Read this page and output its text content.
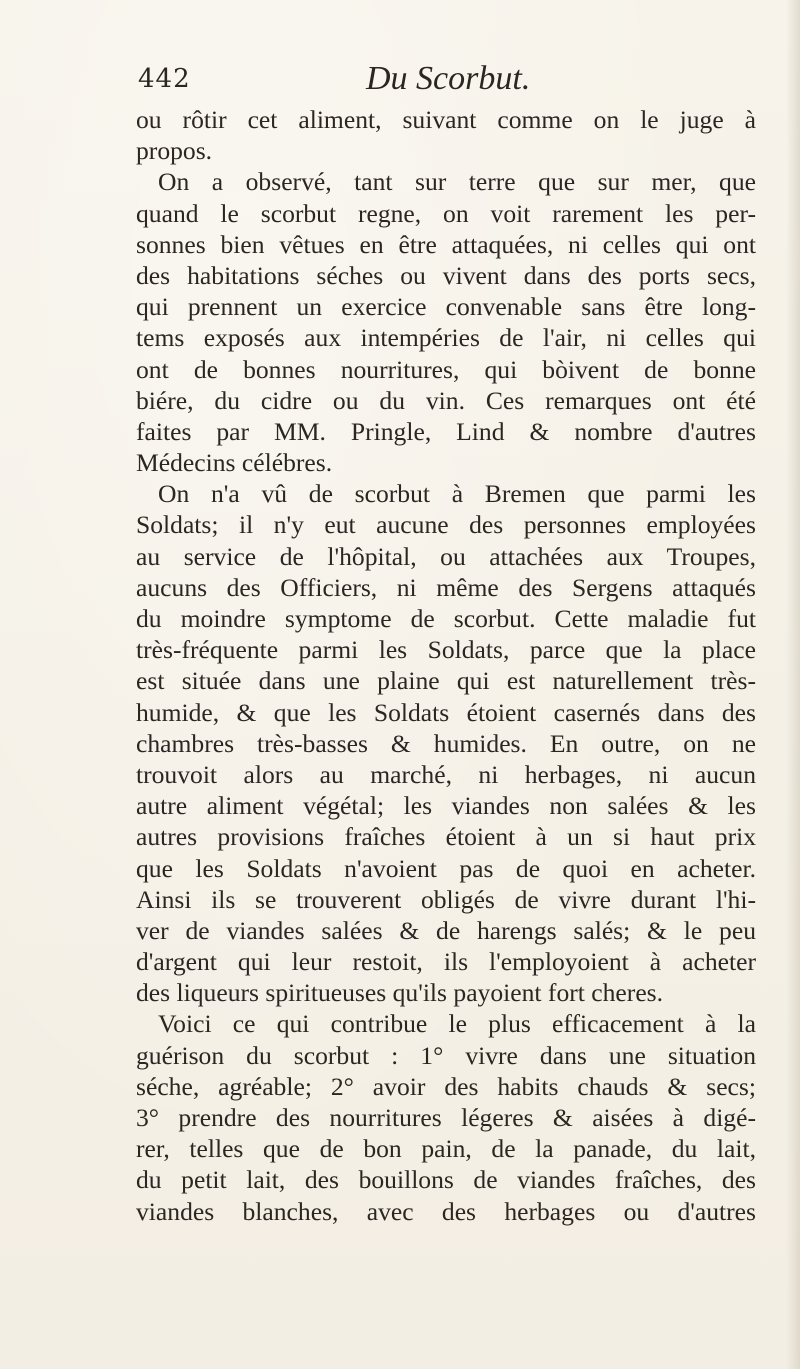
442	Du Scorbut.
ou rôtir cet aliment, suivant comme on le juge à
propos.
On a observé, tant sur terre que sur mer, que
quand le scorbut regne, on voit rarement les per-
sonnes bien vêtues en être attaquées, ni celles qui ont
des habitations séches ou vivent dans des ports secs,
qui prennent un exercice convenable sans être long-
tems exposés aux intempéries de l'air, ni celles qui
ont de bonnes nourritures, qui bòivent de bonne
biére, du cidre ou du vin. Ces remarques ont été
faites par MM. Pringle, Lind & nombre d'autres
Médecins célébres.
On n'a vû de scorbut à Bremen que parmi les
Soldats; il n'y eut aucune des personnes employées
au service de l'hôpital, ou attachées aux Troupes,
aucuns des Officiers, ni même des Sergens attaqués
du moindre symptome de scorbut. Cette maladie fut
très-fréquente parmi les Soldats, parce que la place
est située dans une plaine qui est naturellement très-
humide, & que les Soldats étoient casernés dans des
chambres très-basses & humides. En outre, on ne
trouvoit alors au marché, ni herbages, ni aucun
autre aliment végétal; les viandes non salées & les
autres provisions fraîches étoient à un si haut prix
que les Soldats n'avoient pas de quoi en acheter.
Ainsi ils se trouverent obligés de vivre durant l'hi-
ver de viandes salées & de harengs salés; & le peu
d'argent qui leur restoit, ils l'employoient à acheter
des liqueurs spiritueuses qu'ils payoient fort cheres.
Voici ce qui contribue le plus efficacement à la
guérison du scorbut : 1° vivre dans une situation
séche, agréable; 2° avoir des habits chauds & secs;
3° prendre des nourritures légeres & aisées à digé-
rer, telles que de bon pain, de la panade, du lait,
du petit lait, des bouillons de viandes fraîches, des
viandes blanches, avec des herbages ou d'autres
